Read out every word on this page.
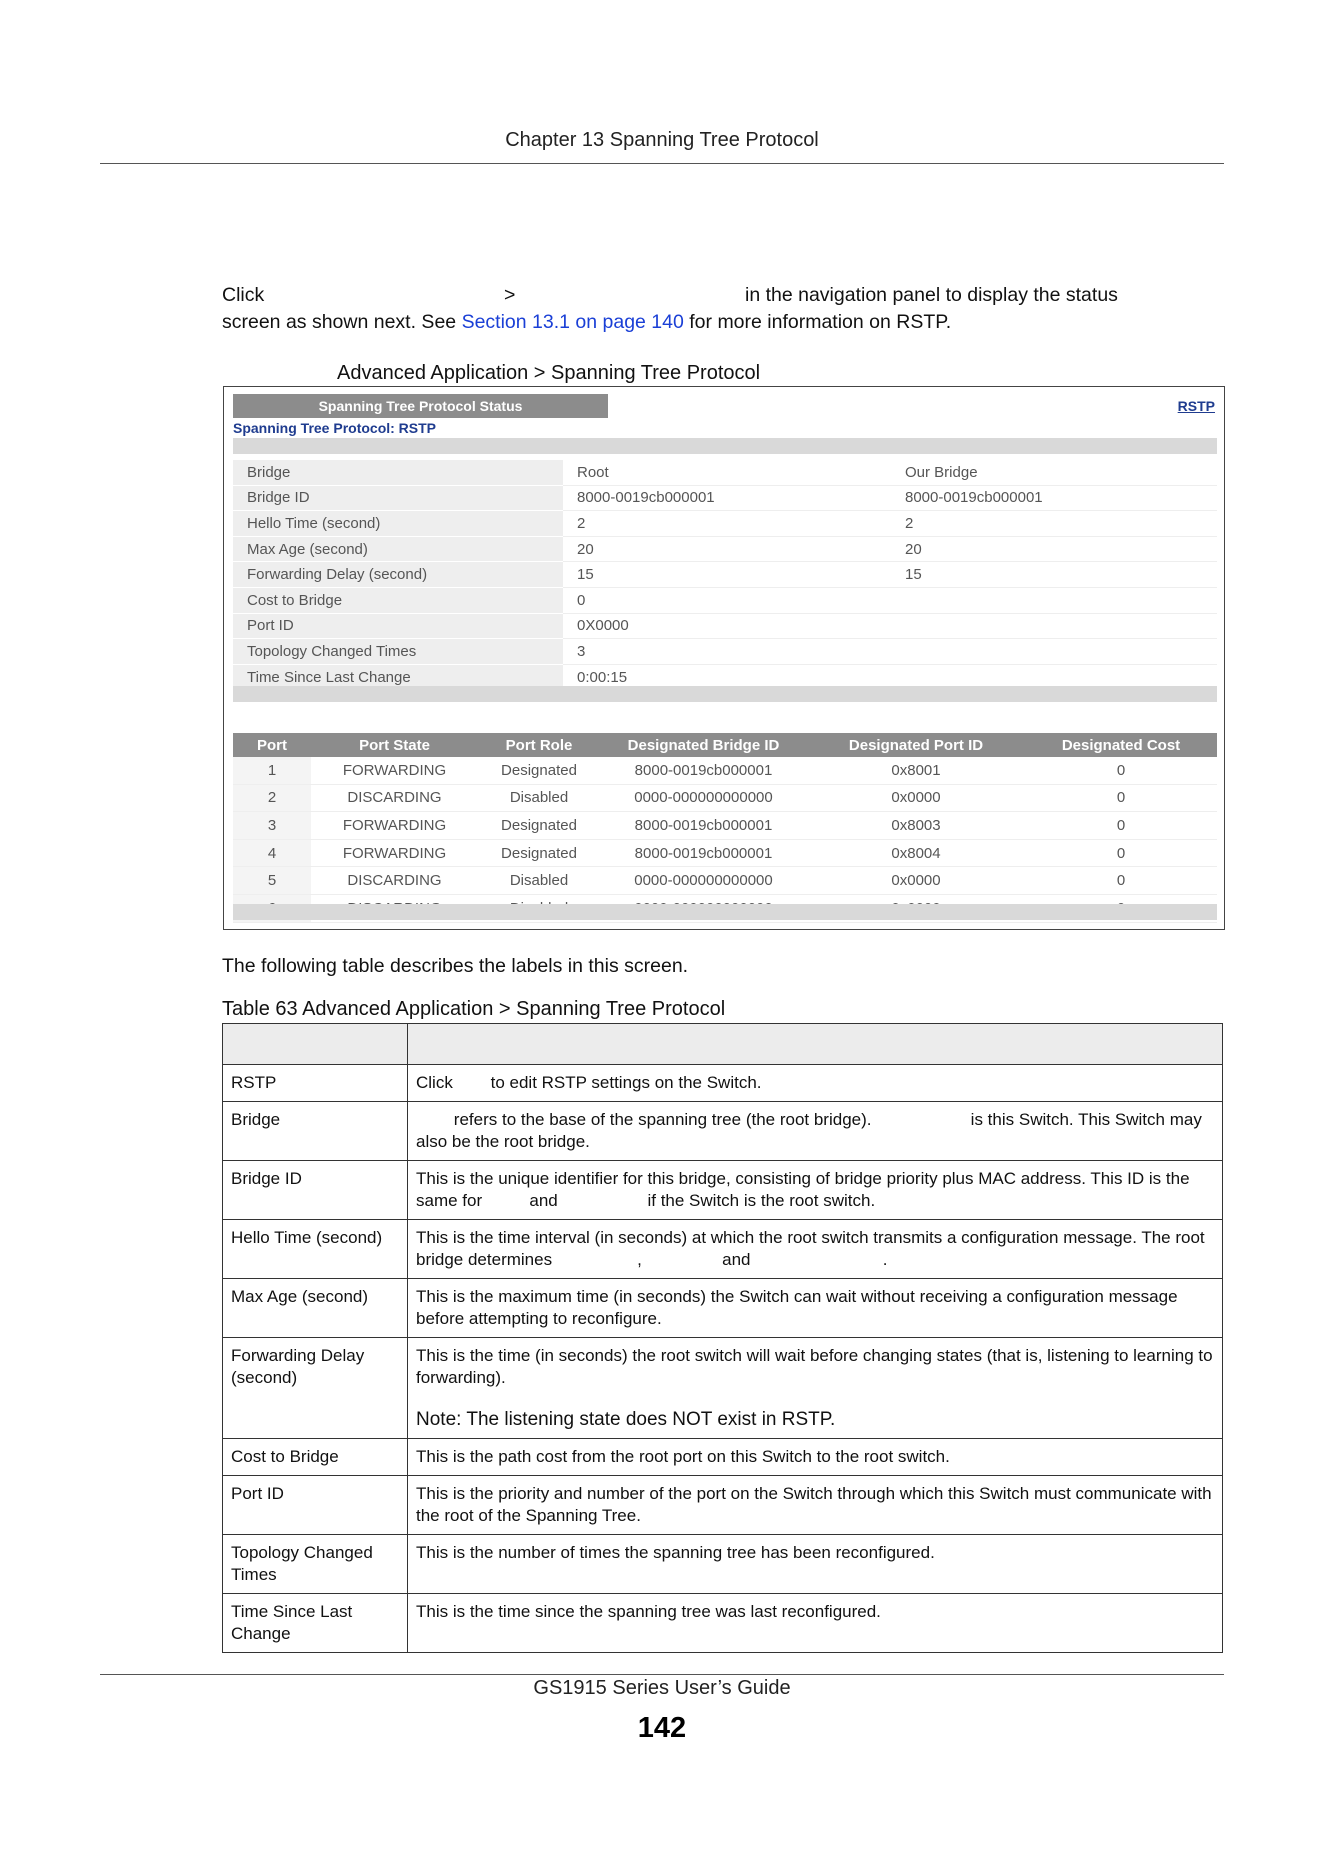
Chapter 13 Spanning Tree Protocol
Click	>	in the navigation panel to display the status
screen as shown next. See Section 13.1 on page 140 for more information on RSTP.
Advanced Application > Spanning Tree Protocol
Spanning Tree Protocol Status	RSTP
Spanning Tree Protocol: RSTP
Bridge	Root	Our Bridge
Bridge ID	8000-0019cb000001	8000-0019cb000001
Hello Time (second)	2	2
Max Age (second)	20	20
Forwarding Delay (second)	15	15
Cost to Bridge	0	
Port ID	0X0000	
Topology Changed Times	3	
Time Since Last Change	0:00:15	
Port	Port State	Port Role	Designated Bridge ID	Designated Port ID	Designated Cost
1	FORWARDING	Designated	8000-0019cb000001	0x8001	0
2	DISCARDING	Disabled	0000-000000000000	0x0000	0
3	FORWARDING	Designated	8000-0019cb000001	0x8003	0
4	FORWARDING	Designated	8000-0019cb000001	0x8004	0
5	DISCARDING	Disabled	0000-000000000000	0x0000	0

The following table describes the labels in this screen.
Table 63 Advanced Application > Spanning Tree Protocol

RSTP	Click        to edit RSTP settings on the Switch.
Bridge	refers to the base of the spanning tree (the root bridge).                     is this Switch. This Switch may also be the root bridge.
Bridge ID	This is the unique identifier for this bridge, consisting of bridge priority plus MAC address. This ID is the same for          and                   if the Switch is the root switch.
Hello Time (second)	This is the time interval (in seconds) at which the root switch transmits a configuration message. The root bridge determines                  ,                 and                            .
Max Age (second)	This is the maximum time (in seconds) the Switch can wait without receiving a configuration message before attempting to reconfigure.
Forwarding Delay (second)	This is the time (in seconds) the root switch will wait before changing states (that is, listening to learning to forwarding).
Note: The listening state does NOT exist in RSTP.

Cost to Bridge	This is the path cost from the root port on this Switch to the root switch.
Port ID	This is the priority and number of the port on the Switch through which this Switch must communicate with the root of the Spanning Tree.
Topology Changed Times	This is the number of times the spanning tree has been reconfigured.
Time Since Last Change	This is the time since the spanning tree was last reconfigured.
GS1915 Series User’s Guide
142
